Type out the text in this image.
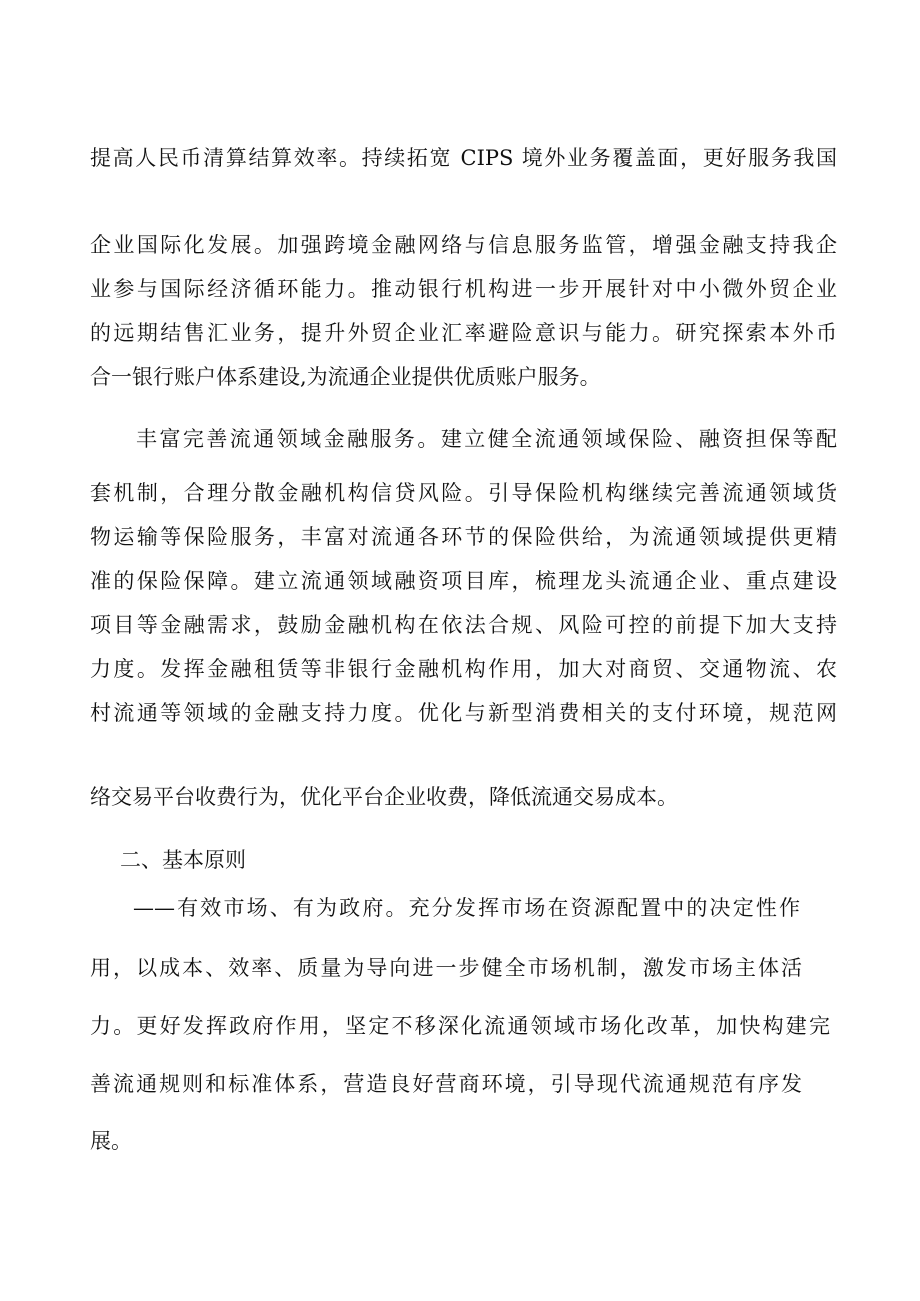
提高人民币清算结算效率。持续拓宽 CIPS 境外业务覆盖面，更好服务我国
企业国际化发展。加强跨境金融网络与信息服务监管，增强金融支持我企
业参与国际经济循环能力。推动银行机构进一步开展针对中小微外贸企业
的远期结售汇业务，提升外贸企业汇率避险意识与能力。研究探索本外币
合一银行账户体系建设,为流通企业提供优质账户服务。
丰富完善流通领域金融服务。建立健全流通领域保险、融资担保等配
套机制，合理分散金融机构信贷风险。引导保险机构继续完善流通领域货
物运输等保险服务，丰富对流通各环节的保险供给，为流通领域提供更精
准的保险保障。建立流通领域融资项目库，梳理龙头流通企业、重点建设
项目等金融需求，鼓励金融机构在依法合规、风险可控的前提下加大支持
力度。发挥金融租赁等非银行金融机构作用，加大对商贸、交通物流、农
村流通等领域的金融支持力度。优化与新型消费相关的支付环境，规范网
络交易平台收费行为，优化平台企业收费，降低流通交易成本。
二、基本原则
——有效市场、有为政府。充分发挥市场在资源配置中的决定性作
用，以成本、效率、质量为导向进一步健全市场机制，激发市场主体活
力。更好发挥政府作用，坚定不移深化流通领域市场化改革，加快构建完
善流通规则和标准体系，营造良好营商环境，引导现代流通规范有序发
展。
